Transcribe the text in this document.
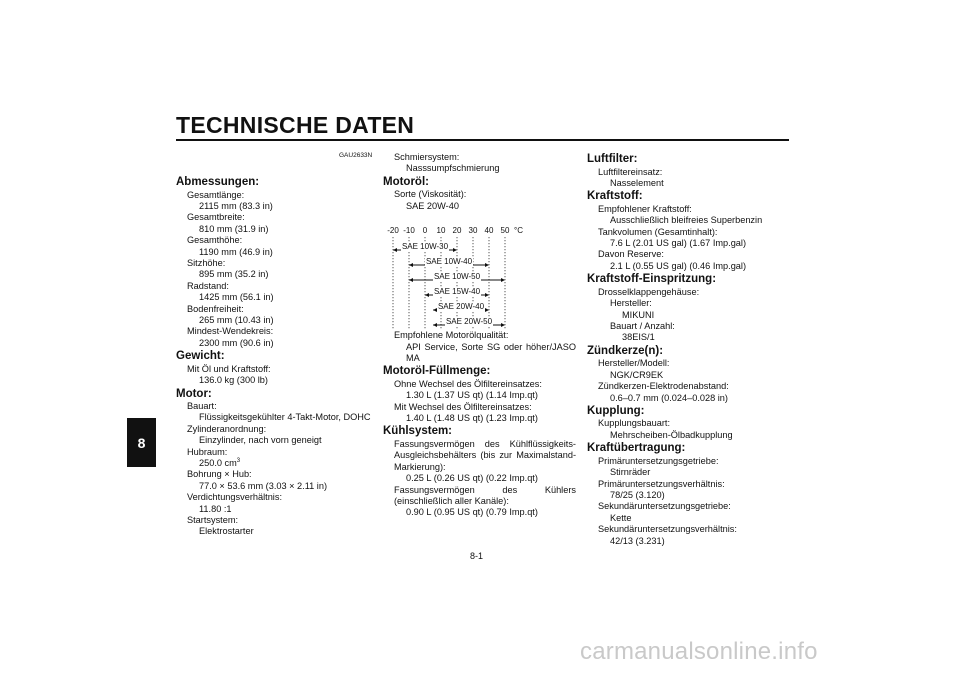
TECHNISCHE DATEN
8
GAU2633N
Abmessungen:
Gesamtlänge:
2115 mm (83.3 in)
Gesamtbreite:
810 mm (31.9 in)
Gesamthöhe:
1190 mm (46.9 in)
Sitzhöhe:
895 mm (35.2 in)
Radstand:
1425 mm (56.1 in)
Bodenfreiheit:
265 mm (10.43 in)
Mindest-Wendekreis:
2300 mm (90.6 in)
Gewicht:
Mit Öl und Kraftstoff:
136.0 kg (300 lb)
Motor:
Bauart:
Flüssigkeitsgekühlter 4-Takt-Motor, DOHC
Zylinderanordnung:
Einzylinder, nach vorn geneigt
Hubraum:
250.0 $cm^3$
Bohrung × Hub:
77.0 × 53.6 mm (3.03 × 2.11 in)
Verdichtungsverhältnis:
11.80 :1
Startsystem:
Elektrostarter
Schmiersystem:
Nasssumpfschmierung
Motoröl:
Sorte (Viskosität):
SAE 20W-40
Empfohlene Motorölqualität:
API Service, Sorte SG oder höher/JASO MA
Motoröl-Füllmenge:
Ohne Wechsel des Ölfiltereinsatzes:
1.30 L (1.37 US qt) (1.14 Imp.qt)
Mit Wechsel des Ölfiltereinsatzes:
1.40 L (1.48 US qt) (1.23 Imp.qt)
Kühlsystem:
Fassungsvermögen des Kühlflüssigkeits-Ausgleichsbehälters (bis zur Maximalstand-Markierung):
0.25 L (0.26 US qt) (0.22 Imp.qt)
Fassungsvermögen des Kühlers (einschließlich aller Kanäle):
0.90 L (0.95 US qt) (0.79 Imp.qt)
-20 -10 0 10 20 30 40 50 °C
SAE 10W-30
SAE 10W-40
SAE 10W-50
SAE 15W-40
SAE 20W-40
SAE 20W-50
Luftfilter:
Luftfiltereinsatz:
Nasselement
Kraftstoff:
Empfohlener Kraftstoff:
Ausschließlich bleifreies Superbenzin
Tankvolumen (Gesamtinhalt):
7.6 L (2.01 US gal) (1.67 Imp.gal)
Davon Reserve:
2.1 L (0.55 US gal) (0.46 Imp.gal)
Kraftstoff-Einspritzung:
Drosselklappengehäuse:
Hersteller:
MIKUNI
Bauart / Anzahl:
38EIS/1
Zündkerze(n):
Hersteller/Modell:
NGK/CR9EK
Zündkerzen-Elektrodenabstand:
0.6–0.7 mm (0.024–0.028 in)
Kupplung:
Kupplungsbauart:
Mehrscheiben-Ölbadkupplung
Kraftübertragung:
Primäruntersetzungsgetriebe:
Stirnräder
Primäruntersetzungsverhältnis:
78/25 (3.120)
Sekundäruntersetzungsgetriebe:
Kette
Sekundäruntersetzungsverhältnis:
42/13 (3.231)
8-1
carmanualsonline.info
